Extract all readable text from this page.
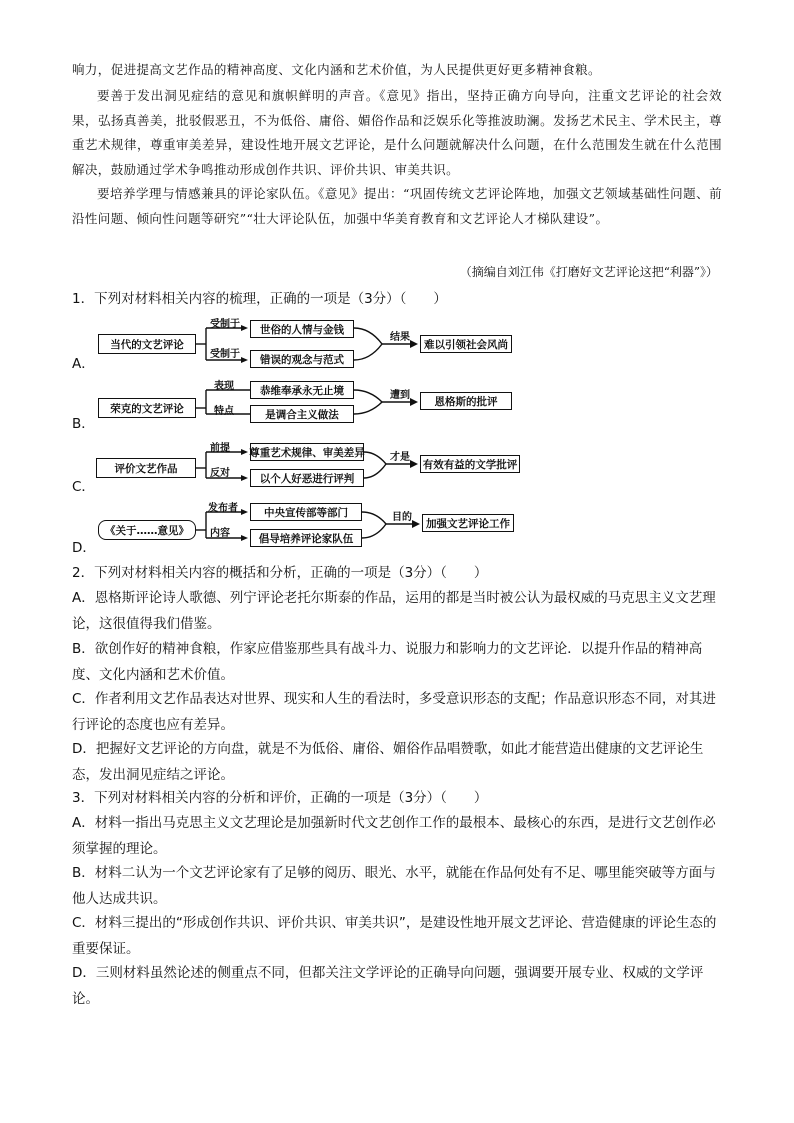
响力，促进提高文艺作品的精神高度、文化内涵和艺术价值，为人民提供更好更多精神食粮。

要善于发出洞见症结的意见和旗帜鲜明的声音。《意见》指出，坚持正确方向导向，注重文艺评论的社会效果，弘扬真善美，批驳假恶丑，不为低俗、庸俗、媚俗作品和泛娱乐化等推波助澜。发扬艺术民主、学术民主，尊重艺术规律，尊重审美差异，建设性地开展文艺评论，是什么问题就解决什么问题，在什么范围发生就在什么范围解决，鼓励通过学术争鸣推动形成创作共识、评价共识、审美共识。

要培养学理与情感兼具的评论家队伍。《意见》提出：“巩固传统文艺评论阵地，加强文艺领域基础性问题、前沿性问题、倾向性问题等研究”“壮大评论队伍，加强中华美育教育和文艺评论人才梯队建设”。

（摘编自刘江伟《打磨好文艺评论这把“利器”》）

1．下列对材料相关内容的梳理，正确的一项是（3分）（　　）

A．
当代的文艺评论
受制于
受制于
世俗的人情与金钱
错误的观念与范式
结果
难以引领社会风尚
B．
荣克的文艺评论
表现
特点
恭维奉承永无止境
是调合主义做法
遭到	恩格斯的批评
C．
评价文艺作品
前提
反对
尊重艺术规律、审美差异
以个人好恶进行评判
才是
有效有益的文学批评
D．
《关于……意见》
发布者
内容
中央宣传部等部门
倡导培养评论家队伍
目的	加强文艺评论工作

2．下列对材料相关内容的概括和分析，正确的一项是（3分）（　　）

A．恩格斯评论诗人歌德、列宁评论老托尔斯泰的作品，运用的都是当时被公认为最权威的马克思主义文艺理论，这很值得我们借鉴。

B．欲创作好的精神食粮，作家应借鉴那些具有战斗力、说服力和影响力的文艺评论．以提升作品的精神高度、文化内涵和艺术价值。

C．作者利用文艺作品表达对世界、现实和人生的看法时，多受意识形态的支配；作品意识形态不同，对其进行评论的态度也应有差异。

D．把握好文艺评论的方向盘，就是不为低俗、庸俗、媚俗作品唱赞歌，如此才能营造出健康的文艺评论生态，发出洞见症结之评论。

3．下列对材料相关内容的分析和评价，正确的一项是（3分）（　　）

A．材料一指出马克思主义文艺理论是加强新时代文艺创作工作的最根本、最核心的东西，是进行文艺创作必须掌握的理论。

B．材料二认为一个文艺评论家有了足够的阅历、眼光、水平，就能在作品何处有不足、哪里能突破等方面与他人达成共识。

C．材料三提出的“形成创作共识、评价共识、审美共识”，是建设性地开展文艺评论、营造健康的评论生态的重要保证。

D．三则材料虽然论述的侧重点不同，但都关注文学评论的正确导向问题，强调要开展专业、权威的文学评论。
